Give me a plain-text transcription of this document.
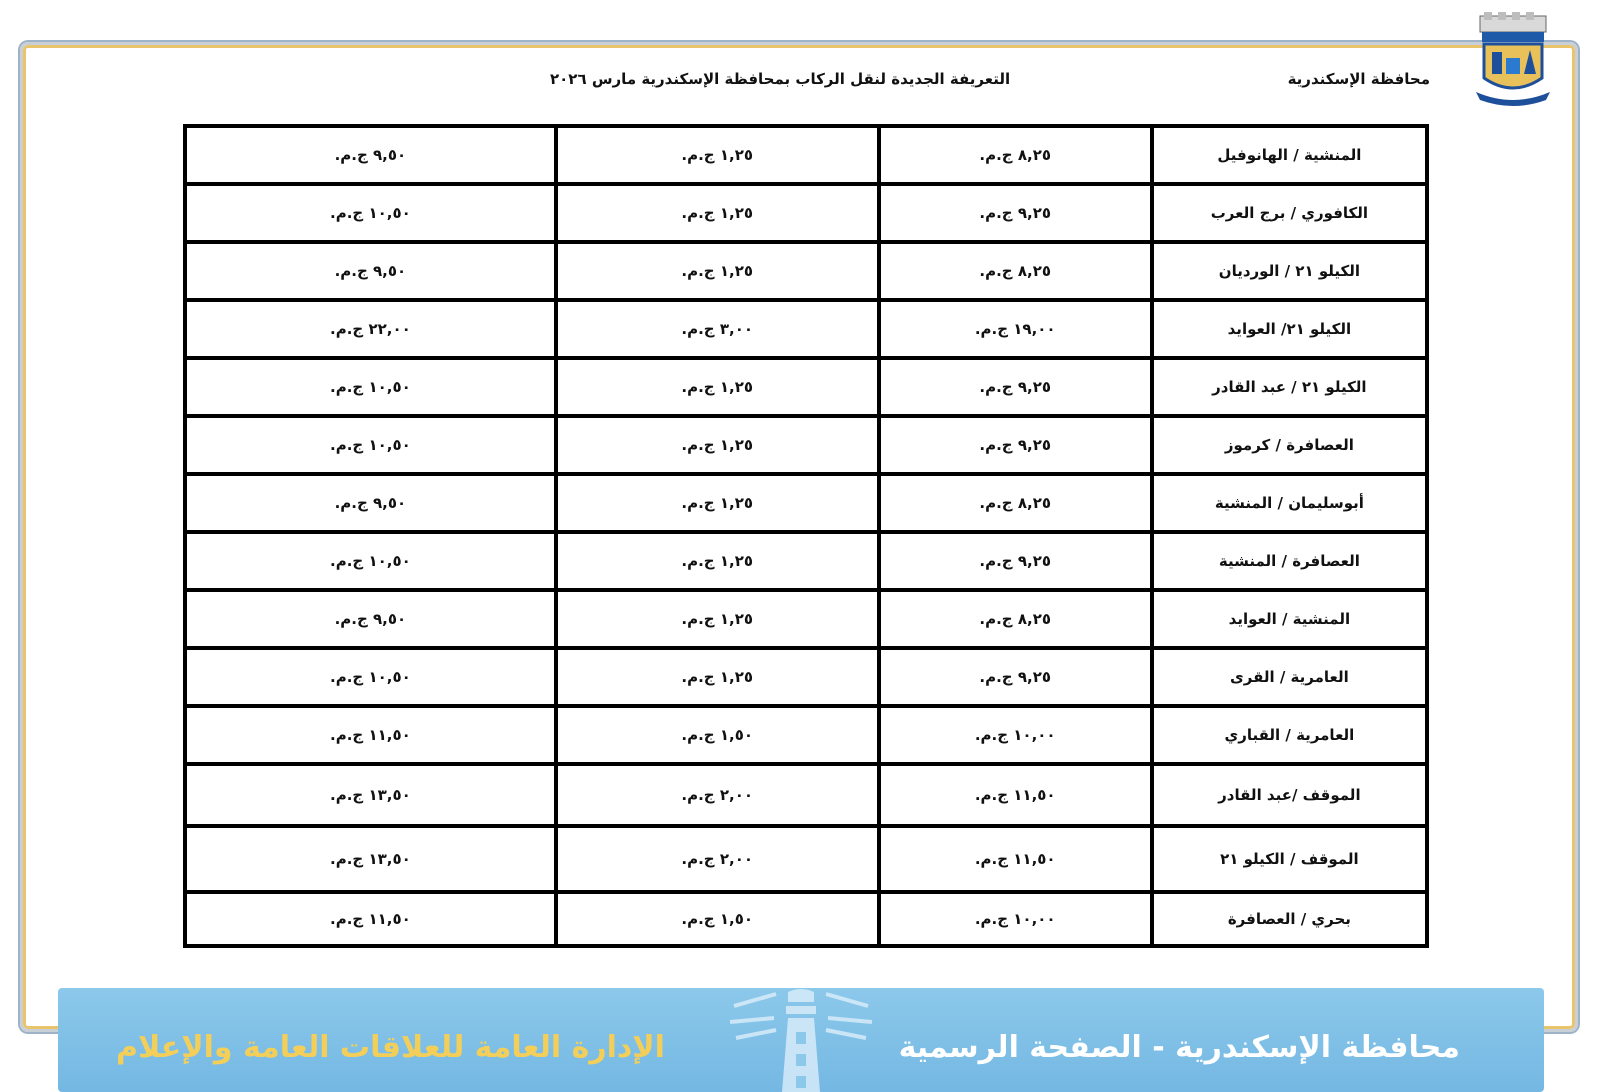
محافظة الإسكندرية
التعريفة الجديدة لنقل الركاب بمحافظة الإسكندرية مارس ٢٠٢٦
المنشية / الهانوفيل	٨,٢٥ ج.م.	١,٢٥ ج.م.	٩,٥٠ ج.م.
الكافوري / برج العرب	٩,٢٥ ج.م.	١,٢٥ ج.م.	١٠,٥٠ ج.م.
الكيلو ٢١ / الورديان	٨,٢٥ ج.م.	١,٢٥ ج.م.	٩,٥٠ ج.م.
الكيلو ٢١/ العوايد	١٩,٠٠ ج.م.	٣,٠٠ ج.م.	٢٢,٠٠ ج.م.
الكيلو ٢١ / عبد القادر	٩,٢٥ ج.م.	١,٢٥ ج.م.	١٠,٥٠ ج.م.
العصافرة / كرموز	٩,٢٥ ج.م.	١,٢٥ ج.م.	١٠,٥٠ ج.م.
أبوسليمان / المنشية	٨,٢٥ ج.م.	١,٢٥ ج.م.	٩,٥٠ ج.م.
العصافرة / المنشية	٩,٢٥ ج.م.	١,٢٥ ج.م.	١٠,٥٠ ج.م.
المنشية / العوايد	٨,٢٥ ج.م.	١,٢٥ ج.م.	٩,٥٠ ج.م.
العامرية / القرى	٩,٢٥ ج.م.	١,٢٥ ج.م.	١٠,٥٠ ج.م.
العامرية / القباري	١٠,٠٠ ج.م.	١,٥٠ ج.م.	١١,٥٠ ج.م.
الموقف /عبد القادر	١١,٥٠ ج.م.	٢,٠٠ ج.م.	١٣,٥٠ ج.م.
الموقف / الكيلو ٢١	١١,٥٠ ج.م.	٢,٠٠ ج.م.	١٣,٥٠ ج.م.
بحري / العصافرة	١٠,٠٠ ج.م.	١,٥٠ ج.م.	١١,٥٠ ج.م.
الإدارة العامة للعلاقات العامة والإعلام	محافظة الإسكندرية - الصفحة الرسمية
